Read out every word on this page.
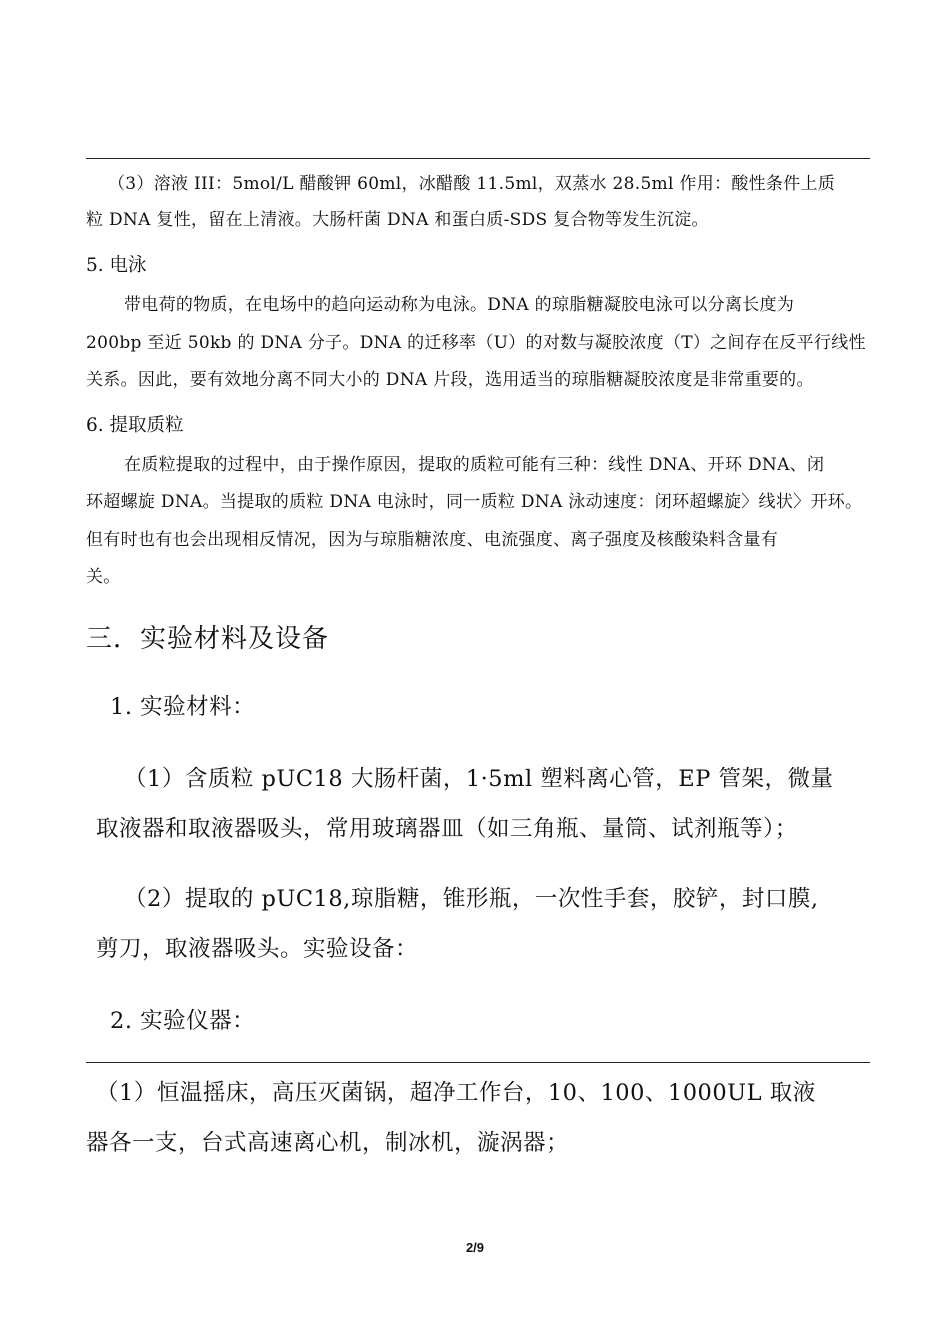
（3）溶液 III：5mol/L 醋酸钾 60ml，冰醋酸 11.5ml，双蒸水 28.5ml 作用：酸性条件上质
粒 DNA 复性，留在上清液。大肠杆菌 DNA 和蛋白质-SDS 复合物等发生沉淀。
5. 电泳
带电荷的物质，在电场中的趋向运动称为电泳。DNA 的琼脂糖凝胶电泳可以分离长度为
200bp 至近 50kb 的 DNA 分子。DNA 的迁移率（U）的对数与凝胶浓度（T）之间存在反平行线性
关系。因此，要有效地分离不同大小的 DNA 片段，选用适当的琼脂糖凝胶浓度是非常重要的。
6. 提取质粒
在质粒提取的过程中，由于操作原因，提取的质粒可能有三种：线性 DNA、开环 DNA、闭
环超螺旋 DNA。当提取的质粒 DNA 电泳时，同一质粒 DNA 泳动速度：闭环超螺旋〉线状〉开环。
但有时也有也会出现相反情况，因为与琼脂糖浓度、电流强度、离子强度及核酸染料含量有
关。
三．实验材料及设备
1. 实验材料：
（1）含质粒 pUC18 大肠杆菌，1·5ml 塑料离心管，EP 管架，微量
取液器和取液器吸头，常用玻璃器皿（如三角瓶、量筒、试剂瓶等）；
（2）提取的 pUC18,琼脂糖，锥形瓶，一次性手套，胶铲，封口膜,
剪刀，取液器吸头。实验设备：
2. 实验仪器：
（1）恒温摇床，高压灭菌锅，超净工作台，10、100、1000UL 取液
器各一支，台式高速离心机，制冰机，漩涡器；
2/9
